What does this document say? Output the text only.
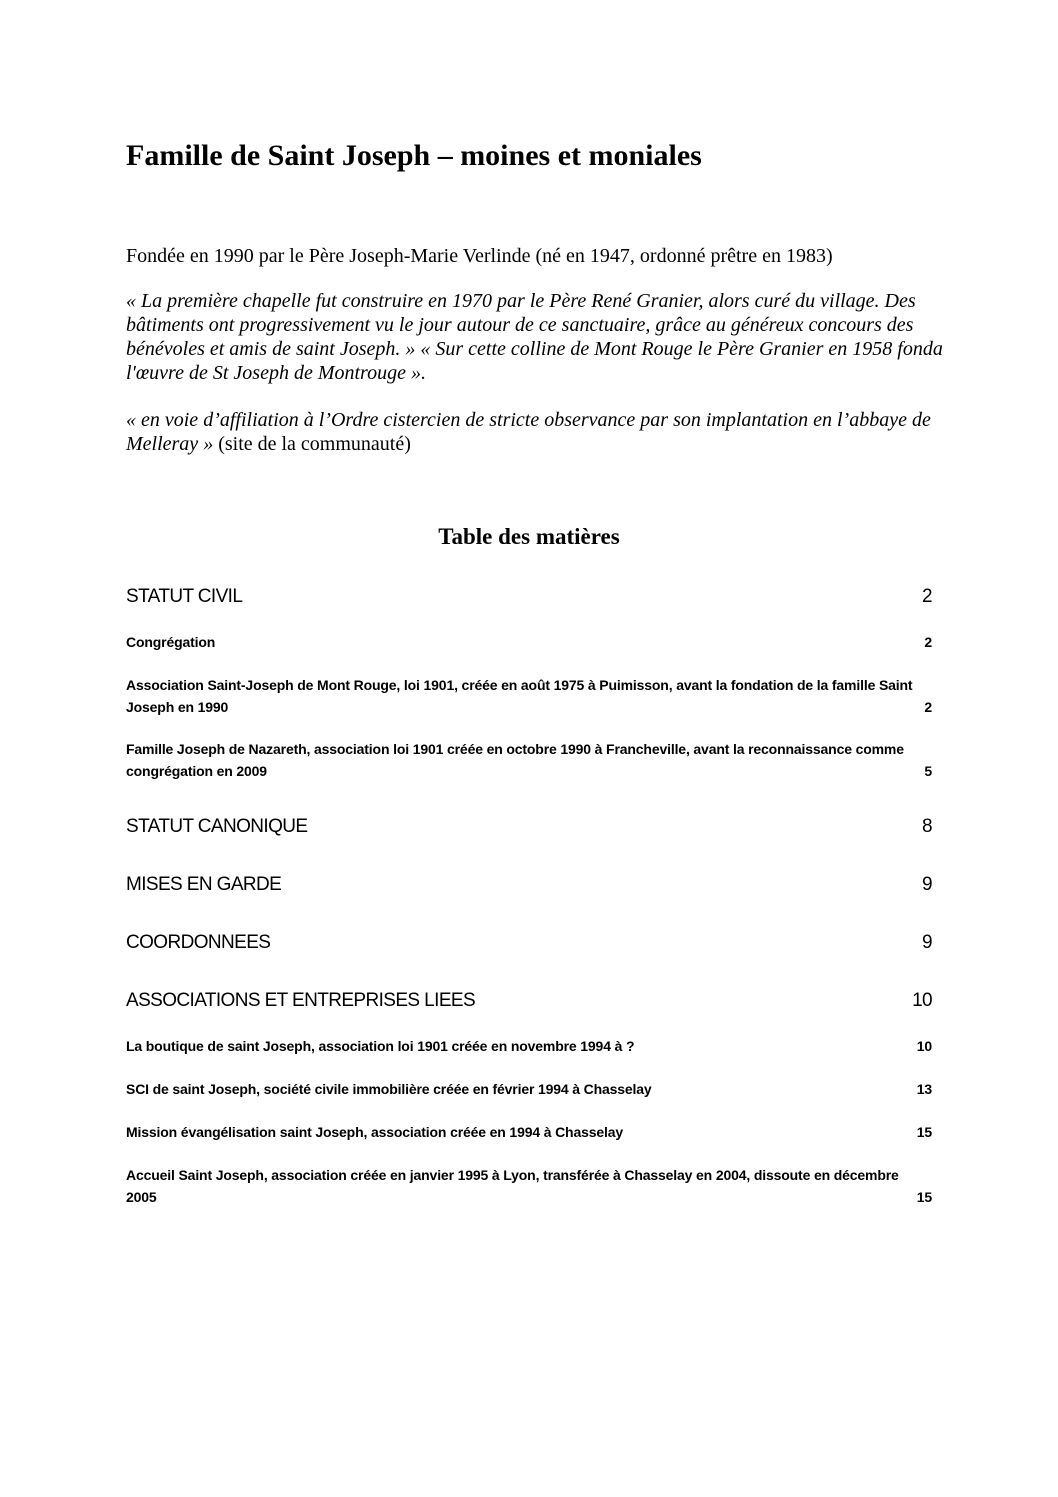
Famille de Saint Joseph – moines et moniales

Fondée en 1990 par le Père Joseph-Marie Verlinde (né en 1947, ordonné prêtre en 1983)

« La première chapelle fut construire en 1970 par le Père René Granier, alors curé du village. Des bâtiments ont progressivement vu le jour autour de ce sanctuaire, grâce au généreux concours des bénévoles et amis de saint Joseph. » « Sur cette colline de Mont Rouge le Père Granier en 1958 fonda l'œuvre de St Joseph de Montrouge ».

« en voie d’affiliation à l’Ordre cistercien de stricte observance par son implantation en l’abbaye de Melleray » (site de la communauté)

Table des matières
STATUT CIVIL	2
Congrégation	2
Association Saint-Joseph de Mont Rouge, loi 1901, créée en août 1975 à Puimisson, avant la fondation de la famille Saint Joseph en 1990	2
Famille Joseph de Nazareth, association loi 1901 créée en octobre 1990 à Francheville, avant la reconnaissance comme congrégation en 2009	5
STATUT CANONIQUE	8
MISES EN GARDE	9
COORDONNEES	9
ASSOCIATIONS ET ENTREPRISES LIEES	10
La boutique de saint Joseph, association loi 1901 créée en novembre 1994 à ?	10
SCI de saint Joseph, société civile immobilière créée en février 1994 à Chasselay	13
Mission évangélisation saint Joseph, association créée en 1994 à Chasselay	15
Accueil Saint Joseph, association créée en janvier 1995 à Lyon, transférée à Chasselay en 2004, dissoute en décembre 2005	15
